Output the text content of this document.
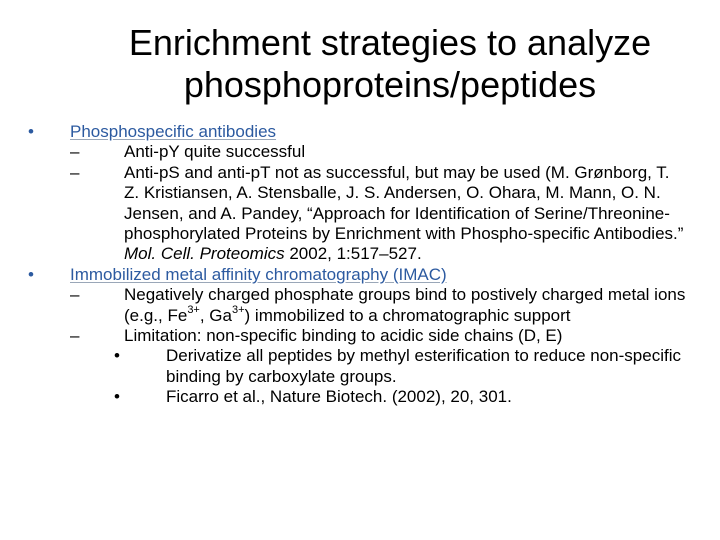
Enrichment strategies to analyze
phosphoproteins/peptides
•	Phosphospecific antibodies
–	Anti-pY quite successful
–	Anti-pS and anti-pT not as successful, but may be used (M. Grønborg, T. Z. Kristiansen, A. Stensballe, J. S. Andersen, O. Ohara, M. Mann, O. N. Jensen, and A. Pandey, “Approach for Identification of Serine/Threonine-phosphorylated Proteins by Enrichment with Phospho-specific Antibodies.” Mol. Cell. Proteomics 2002, 1:517–527.
•	Immobilized metal affinity chromatography (IMAC)
–	Negatively charged phosphate groups bind to postively charged metal ions (e.g., $Fe^{3+}$, $Ga^{3+}$) immobilized to a chromatographic support
–	Limitation: non-specific binding to acidic side chains (D, E)
•	Derivatize all peptides by methyl esterification to reduce non-specific binding by carboxylate groups.
•	Ficarro et al., Nature Biotech. (2002), 20, 301.
